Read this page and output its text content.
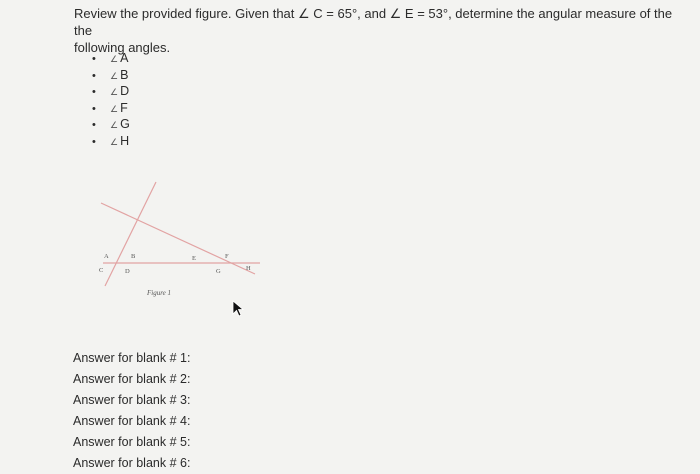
Review the provided figure. Given that ∠ C = 65°, and ∠ E = 53°, determine the angular measure of the the
following angles.
• ∠ A
• ∠ B
• ∠ D
• ∠ F
• ∠ G
• ∠ H
A	B
C	D
E	F
G	H
Figure 1
Answer for blank # 1:
Answer for blank # 2:
Answer for blank # 3:
Answer for blank # 4:
Answer for blank # 5:
Answer for blank # 6:
